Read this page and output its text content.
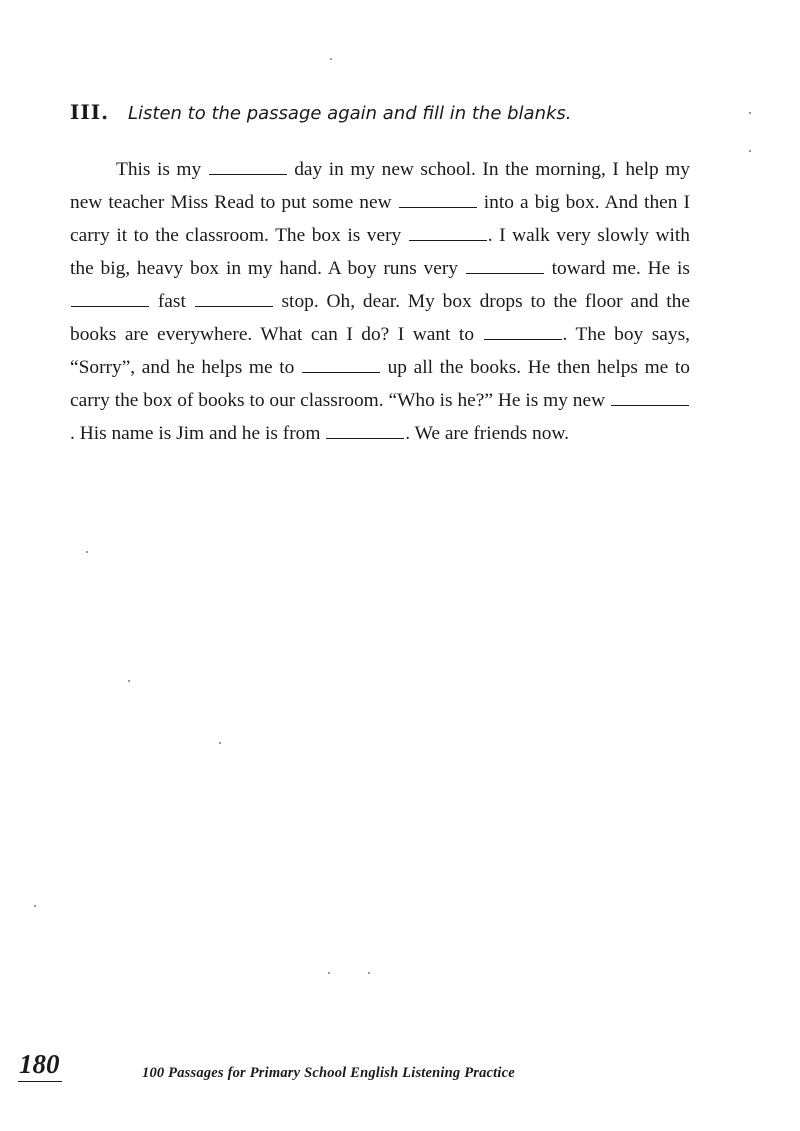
III.	Listen to the passage again and fill in the blanks.

This is my	day in my new school. In the morning, I help my new teacher Miss Read to put some new	into a big box. And then I carry it to the classroom. The box is very	. I walk very slowly with the big, heavy box in my hand. A boy runs very	toward me. He is  fast	stop. Oh, dear. My box drops to the floor and the books are everywhere. What can I do? I want to	. The boy says, “Sorry”, and he helps me to	up all the books. He then helps me to carry the box of books to our classroom. “Who is he?” He is my new . His name is Jim and he is from	. We are friends now.

180	100 Passages for Primary School English Listening Practice
